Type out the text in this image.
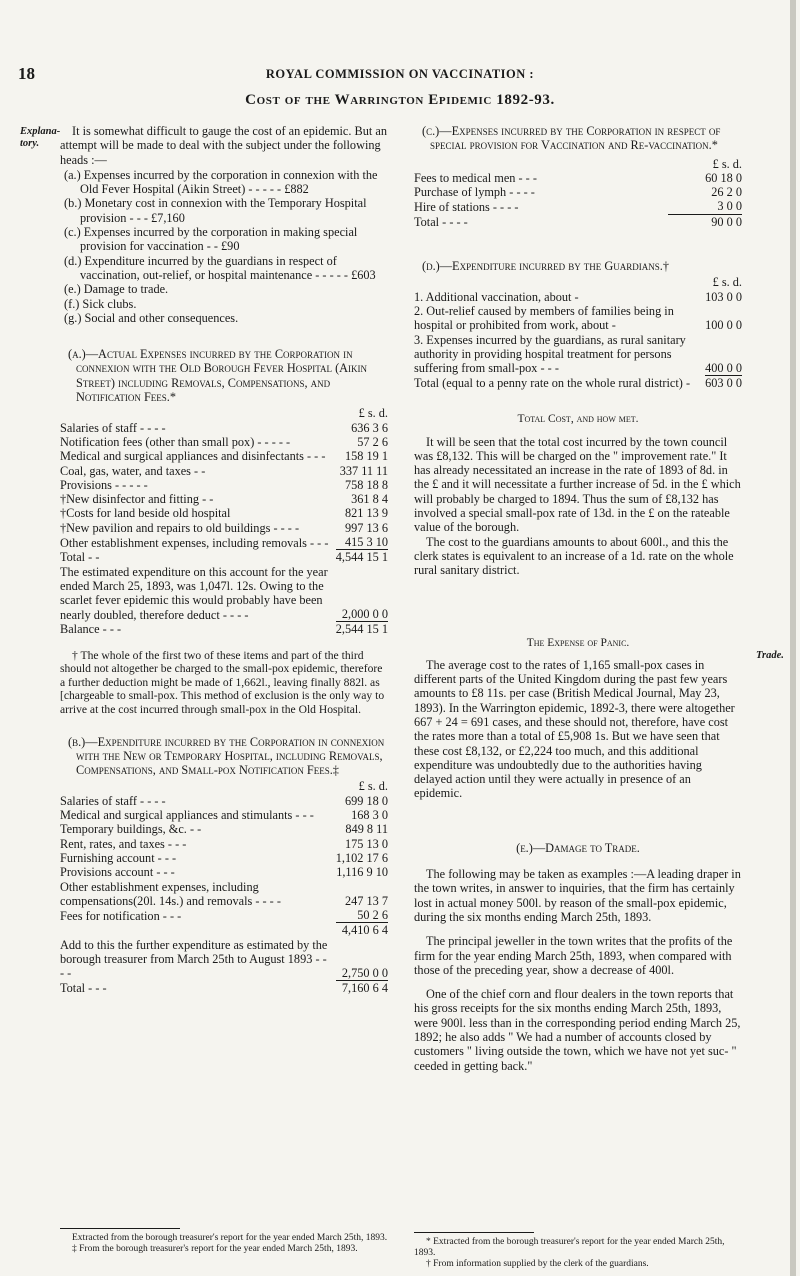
18	ROYAL COMMISSION ON VACCINATION :
Cost of the Warrington Epidemic 1892-93.
Explana-
tory.
Trade.

It is somewhat difficult to gauge the cost of an epidemic. But an attempt will be made to deal with the subject under the following heads :—

(a.) Expenses incurred by the corporation in connexion with the Old Fever Hospital (Aikin Street) - - - - - £882

(b.) Monetary cost in connexion with the Temporary Hospital provision - - - £7,160

(c.) Expenses incurred by the corporation in making special provision for vaccination - - £90

(d.) Expenditure incurred by the guardians in respect of vaccination, out-relief, or hospital maintenance - - - - - £603

(e.) Damage to trade.

(f.) Sick clubs.

(g.) Social and other consequences.

(a.)—Actual Expenses incurred by the Corporation in connexion with the Old Borough Fever Hospital (Aikin Street) including Removals, Compensations, and Notification Fees.*

	£ s. d.
Salaries of staff - - - -	636 3 6
Notification fees (other than small pox) - - - - -	57 2 6
Medical and surgical appliances and disinfectants - - -	158 19 1
Coal, gas, water, and taxes - -	337 11 11
Provisions - - - - -	758 18 8
†New disinfector and fitting - -	361 8 4
†Costs for land beside old hospital	821 13 9
†New pavilion and repairs to old buildings - - - -	997 13 6
Other establishment expenses, including removals - - -	415 3 10
Total - -	4,544 15 1
The estimated expenditure on this account for the year ended March 25, 1893, was 1,047l. 12s. Owing to the scarlet fever epidemic this would probably have been nearly doubled, therefore deduct - - - -	2,000 0 0
Balance - - -	2,544 15 1

† The whole of the first two of these items and part of the third should not altogether be charged to the small-pox epidemic, therefore a further deduction might be made of 1,662l., leaving finally 882l. as [chargeable to small-pox. This method of exclusion is the only way to arrive at the cost incurred through small-pox in the Old Hospital.

(b.)—Expenditure incurred by the Corporation in connexion with the New or Temporary Hospital, including Removals, Compensations, and Small-pox Notification Fees.‡

	£ s. d.
Salaries of staff - - - -	699 18 0
Medical and surgical appliances and stimulants - - -	168 3 0
Temporary buildings, &c. - -	849 8 11
Rent, rates, and taxes - - -	175 13 0
Furnishing account - - -	1,102 17 6
Provisions account - - -	1,116 9 10
Other establishment expenses, including compensations(20l. 14s.) and removals - - - -	247 13 7
Fees for notification - - -	50 2 6
	4,410 6 4
Add to this the further expenditure as estimated by the borough treasurer from March 25th to August 1893 - - - -	2,750 0 0
Total - - -	7,160 6 4
Extracted from the borough treasurer's report for the year ended March 25th, 1893.
‡ From the borough treasurer's report for the year ended March 25th, 1893.

(c.)—Expenses incurred by the Corporation in respect of special provision for Vaccination and Re-vaccination.*

	£ s. d.
Fees to medical men - - -	60 18 0
Purchase of lymph - - - -	26 2 0
Hire of stations - - - -	3 0 0
Total - - - -	90 0 0

(d.)—Expenditure incurred by the Guardians.†

	£ s. d.
1. Additional vaccination, about -	103 0 0
2. Out-relief caused by members of families being in hospital or prohibited from work, about -	100 0 0
3. Expenses incurred by the guardians, as rural sanitary authority in providing hospital treatment for persons suffering from small-pox - - -	400 0 0
Total (equal to a penny rate on the whole rural district) -	603 0 0

Total Cost, and how met.

It will be seen that the total cost incurred by the town council was £8,132. This will be charged on the " improvement rate." It has already necessitated an increase in the rate of 1893 of 8d. in the £ and it will necessitate a further increase of 5d. in the £ which will probably be charged to 1894. Thus the sum of £8,132 has involved a special small-pox rate of 13d. in the £ on the rateable value of the borough.

The cost to the guardians amounts to about 600l., and this the clerk states is equivalent to an increase of a 1d. rate on the whole rural sanitary district.

The Expense of Panic.

The average cost to the rates of 1,165 small-pox cases in different parts of the United Kingdom during the past few years amounts to £8 11s. per case (British Medical Journal, May 23, 1893). In the Warrington epidemic, 1892-3, there were altogether 667 + 24 = 691 cases, and these should not, therefore, have cost the rates more than a total of £5,908 1s. But we have seen that these cost £8,132, or £2,224 too much, and this additional expenditure was undoubtedly due to the authorities having delayed action until they were actually in presence of an epidemic.

(e.)—Damage to Trade.

The following may be taken as examples :—A leading draper in the town writes, in answer to inquiries, that the firm has certainly lost in actual money 500l. by reason of the small-pox epidemic, during the six months ending March 25th, 1893.

The principal jeweller in the town writes that the profits of the firm for the year ending March 25th, 1893, when compared with those of the preceding year, show a decrease of 400l.

One of the chief corn and flour dealers in the town reports that his gross receipts for the six months ending March 25th, 1893, were 900l. less than in the corresponding period ending March 25, 1892; he also adds " We had a number of accounts closed by customers " living outside the town, which we have not yet suc- " ceeded in getting back."

* Extracted from the borough treasurer's report for the year ended March 25th, 1893.
† From information supplied by the clerk of the guardians.
